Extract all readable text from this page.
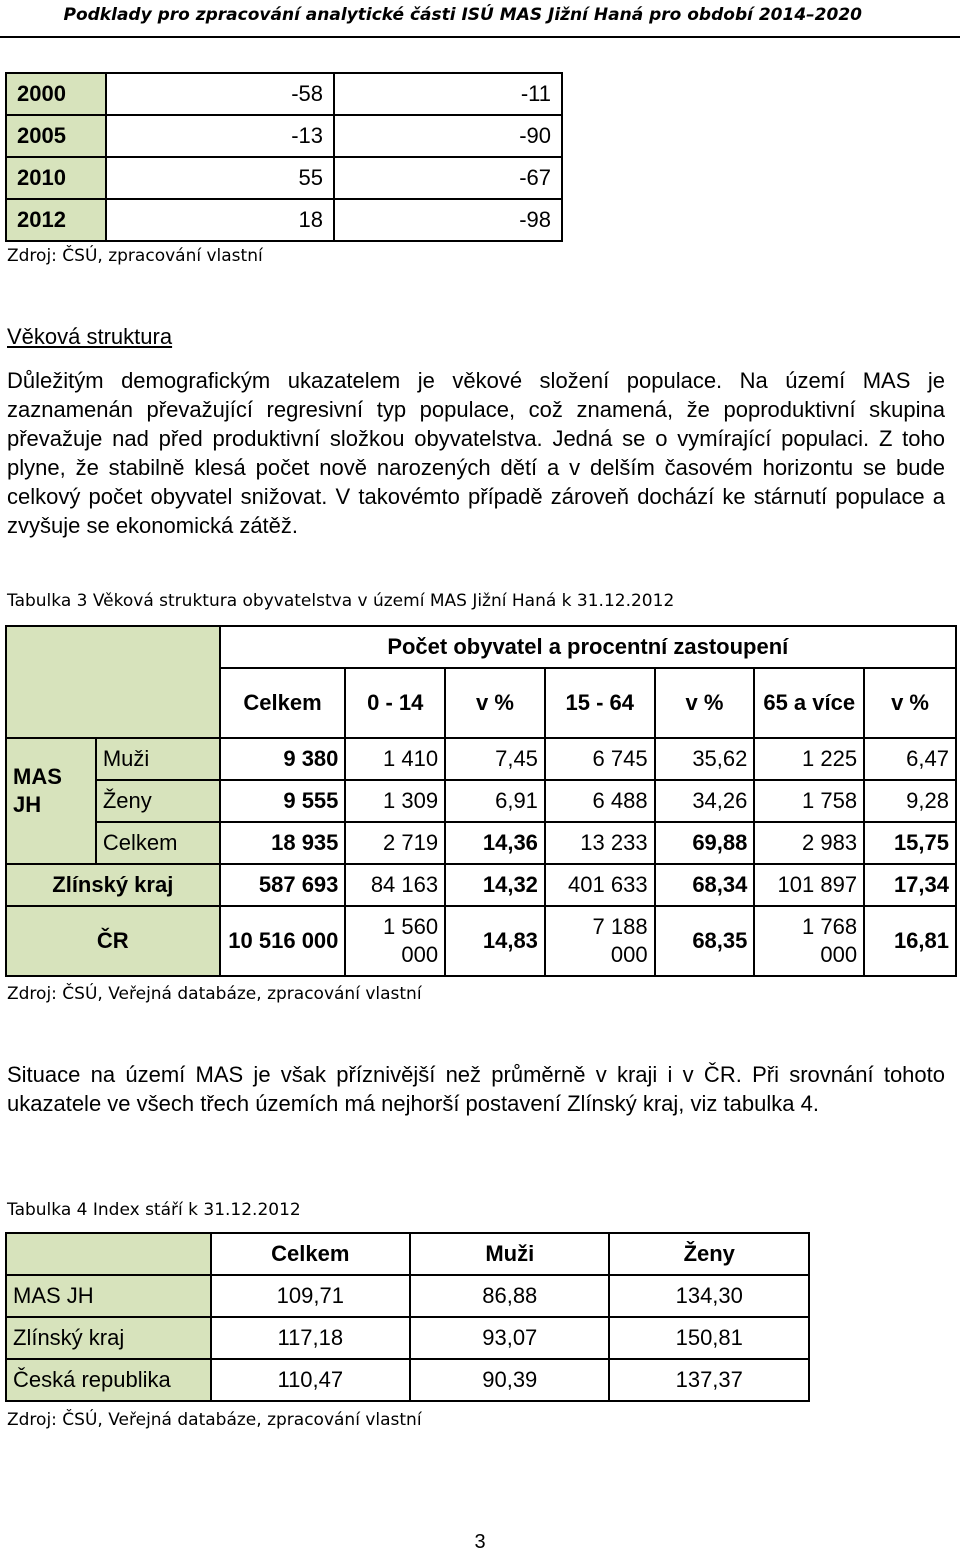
Podklady pro zpracování analytické části ISÚ MAS Jižní Haná pro období 2014–2020
2000	-58	-11
2005	-13	-90
2010	55	-67
2012	18	-98
Zdroj: ČSÚ, zpracování vlastní
Věková struktura
Důležitým demografickým ukazatelem je věkové složení populace. Na území MAS je zaznamenán převažující regresivní typ populace, což znamená, že poproduktivní skupina převažuje nad před produktivní složkou obyvatelstva. Jedná se o vymírající populaci. Z toho plyne, že stabilně klesá počet nově narozených dětí a v delším časovém horizontu se bude celkový počet obyvatel snižovat. V takovémto případě zároveň dochází ke stárnutí populace a zvyšuje se ekonomická zátěž.
Tabulka 3 Věková struktura obyvatelstva v území MAS Jižní Haná k 31.12.2012
		Počet obyvatel a procentní zastoupení						
		Celkem	0 - 14	v %	15 - 64	v %	65 a více	v %
MAS JH	Muži	9 380	1 410	7,45	6 745	35,62	1 225	6,47
	Ženy	9 555	1 309	6,91	6 488	34,26	1 758	9,28
	Celkem	18 935	2 719	14,36	13 233	69,88	2 983	15,75
Zlínský kraj		587 693	84 163	14,32	401 633	68,34	101 897	17,34
ČR		10 516 000	1 560 000	14,83	7 188 000	68,35	1 768 000	16,81
Zdroj: ČSÚ, Veřejná databáze, zpracování vlastní
Situace na území MAS je však příznivější než průměrně v kraji i v ČR. Při srovnání tohoto ukazatele ve všech třech územích má nejhorší postavení Zlínský kraj, viz tabulka 4.
Tabulka 4 Index stáří k 31.12.2012
	Celkem	Muži	Ženy
MAS JH	109,71	86,88	134,30
Zlínský kraj	117,18	93,07	150,81
Česká republika	110,47	90,39	137,37
Zdroj: ČSÚ, Veřejná databáze, zpracování vlastní
3
